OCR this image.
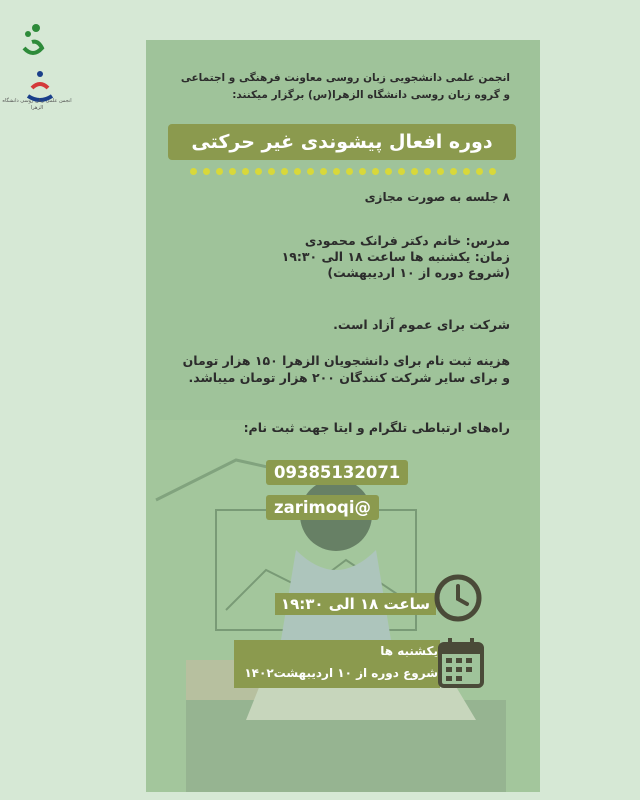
انجمن علمی زبان روسی دانشگاه الزهرا
انجمن علمی دانشجویی زبان روسی معاونت فرهنگی و اجتماعی
و گروه زبان روسی دانشگاه الزهرا(س) برگزار میکنند:
دوره افعال پیشوندی غیر حرکتی
۸ جلسه به صورت مجازی
مدرس: خانم دکتر فرانک محمودی
زمان: یکشنبه ها ساعت ۱۸ الی ۱۹:۳۰
(شروع دوره از ۱۰ اردیبهشت)
شرکت برای عموم آزاد است.
هزینه ثبت نام برای دانشجویان الزهرا ۱۵۰ هزار تومان
و برای سایر شرکت کنندگان ۲۰۰ هزار تومان میباشد.
راه‌های ارتباطی تلگرام و ایتا جهت ثبت نام:
09385132071
zarimoqi@
ساعت ۱۸ الی ۱۹:۳۰
یکشنبه ها
شروع دوره از ۱۰ اردیبهشت۱۴۰۲
